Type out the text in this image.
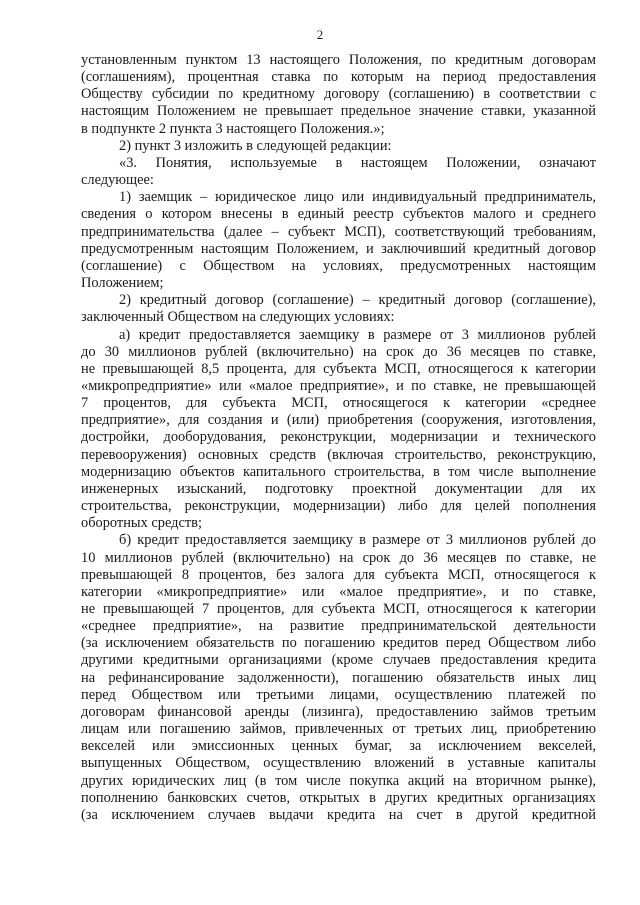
2
установленным пунктом 13 настоящего Положения, по кредитным договорам
(соглашениям), процентная ставка по которым на период предоставления
Обществу субсидии по кредитному договору (соглашению) в соответствии с
настоящим Положением не превышает предельное значение ставки, указанной
в подпункте 2 пункта 3 настоящего Положения.»;
2) пункт 3 изложить в следующей редакции:
«3. Понятия, используемые в настоящем Положении, означают
следующее:
1) заемщик – юридическое лицо или индивидуальный предприниматель,
сведения о котором внесены в единый реестр субъектов малого и среднего
предпринимательства (далее – субъект МСП), соответствующий требованиям,
предусмотренным настоящим Положением, и заключивший кредитный договор
(соглашение) с Обществом на условиях, предусмотренных настоящим
Положением;
2) кредитный договор (соглашение) – кредитный договор (соглашение),
заключенный Обществом на следующих условиях:
а) кредит предоставляется заемщику в размере от 3 миллионов рублей
до 30 миллионов рублей (включительно) на срок до 36 месяцев по ставке,
не превышающей 8,5 процента, для субъекта МСП, относящегося к категории
«микропредприятие» или «малое предприятие», и по ставке, не превышающей
7 процентов, для субъекта МСП, относящегося к категории «среднее
предприятие», для создания и (или) приобретения (сооружения, изготовления,
достройки, дооборудования, реконструкции, модернизации и технического
перевооружения) основных средств (включая строительство, реконструкцию,
модернизацию объектов капитального строительства, в том числе выполнение
инженерных изысканий, подготовку проектной документации для их
строительства, реконструкции, модернизации) либо для целей пополнения
оборотных средств;
б) кредит предоставляется заемщику в размере от 3 миллионов рублей до
10 миллионов рублей (включительно) на срок до 36 месяцев по ставке, не
превышающей 8 процентов, без залога для субъекта МСП, относящегося к
категории «микропредприятие» или «малое предприятие», и по ставке,
не превышающей 7 процентов, для субъекта МСП, относящегося к категории
«среднее предприятие», на развитие предпринимательской деятельности
(за исключением обязательств по погашению кредитов перед Обществом либо
другими кредитными организациями (кроме случаев предоставления кредита
на рефинансирование задолженности), погашению обязательств иных лиц
перед Обществом или третьими лицами, осуществлению платежей по
договорам финансовой аренды (лизинга), предоставлению займов третьим
лицам или погашению займов, привлеченных от третьих лиц, приобретению
векселей или эмиссионных ценных бумаг, за исключением векселей,
выпущенных Обществом, осуществлению вложений в уставные капиталы
других юридических лиц (в том числе покупка акций на вторичном рынке),
пополнению банковских счетов, открытых в других кредитных организациях
(за исключением случаев выдачи кредита на счет в другой кредитной
